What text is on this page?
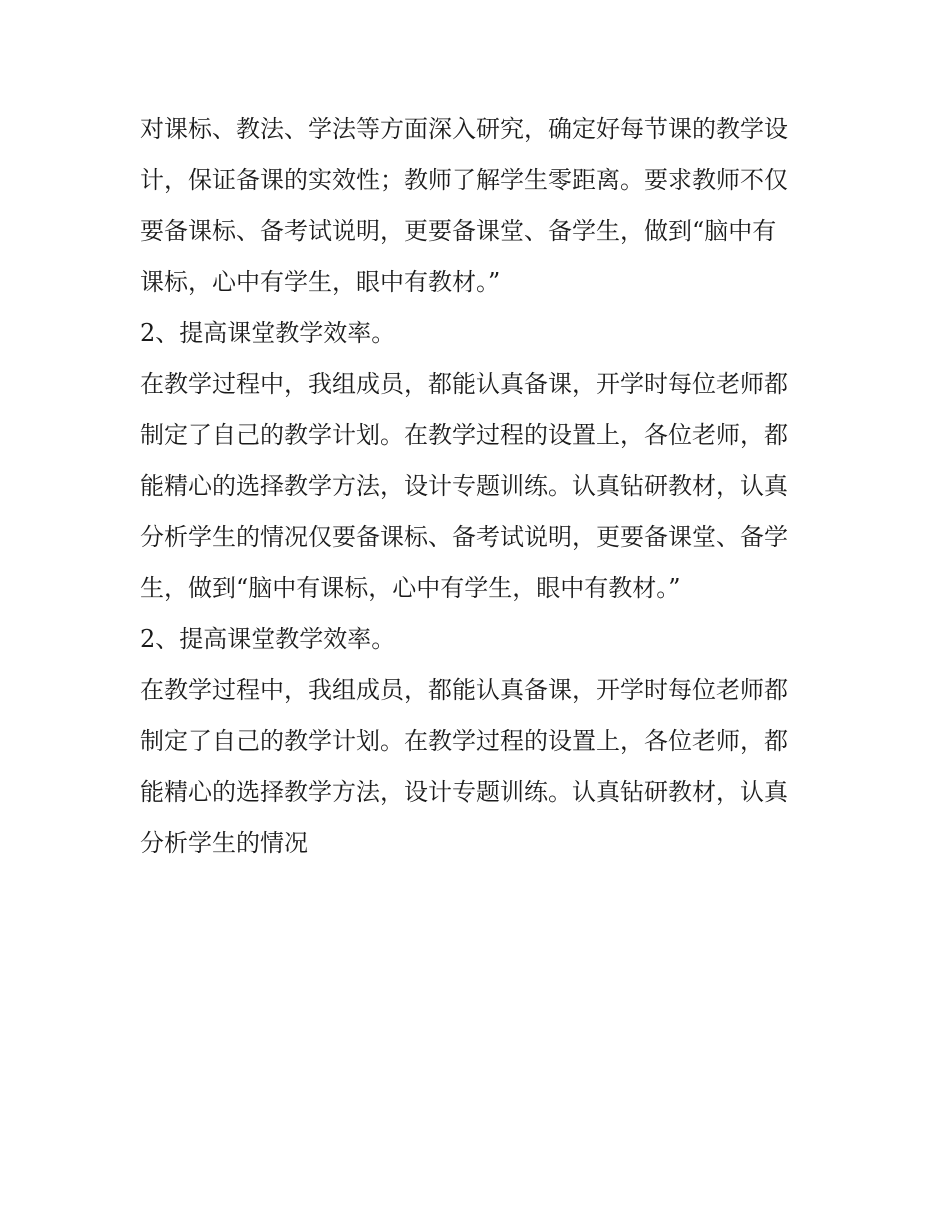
对课标、教法、学法等方面深入研究，确定好每节课的教学设
计，保证备课的实效性；教师了解学生零距离。要求教师不仅
要备课标、备考试说明，更要备课堂、备学生，做到“脑中有
课标，心中有学生，眼中有教材。”
2、提高课堂教学效率。
在教学过程中，我组成员，都能认真备课，开学时每位老师都
制定了自己的教学计划。在教学过程的设置上，各位老师，都
能精心的选择教学方法，设计专题训练。认真钻研教材，认真
分析学生的情况仅要备课标、备考试说明，更要备课堂、备学
生，做到“脑中有课标，心中有学生，眼中有教材。”
2、提高课堂教学效率。
在教学过程中，我组成员，都能认真备课，开学时每位老师都
制定了自己的教学计划。在教学过程的设置上，各位老师，都
能精心的选择教学方法，设计专题训练。认真钻研教材，认真
分析学生的情况
